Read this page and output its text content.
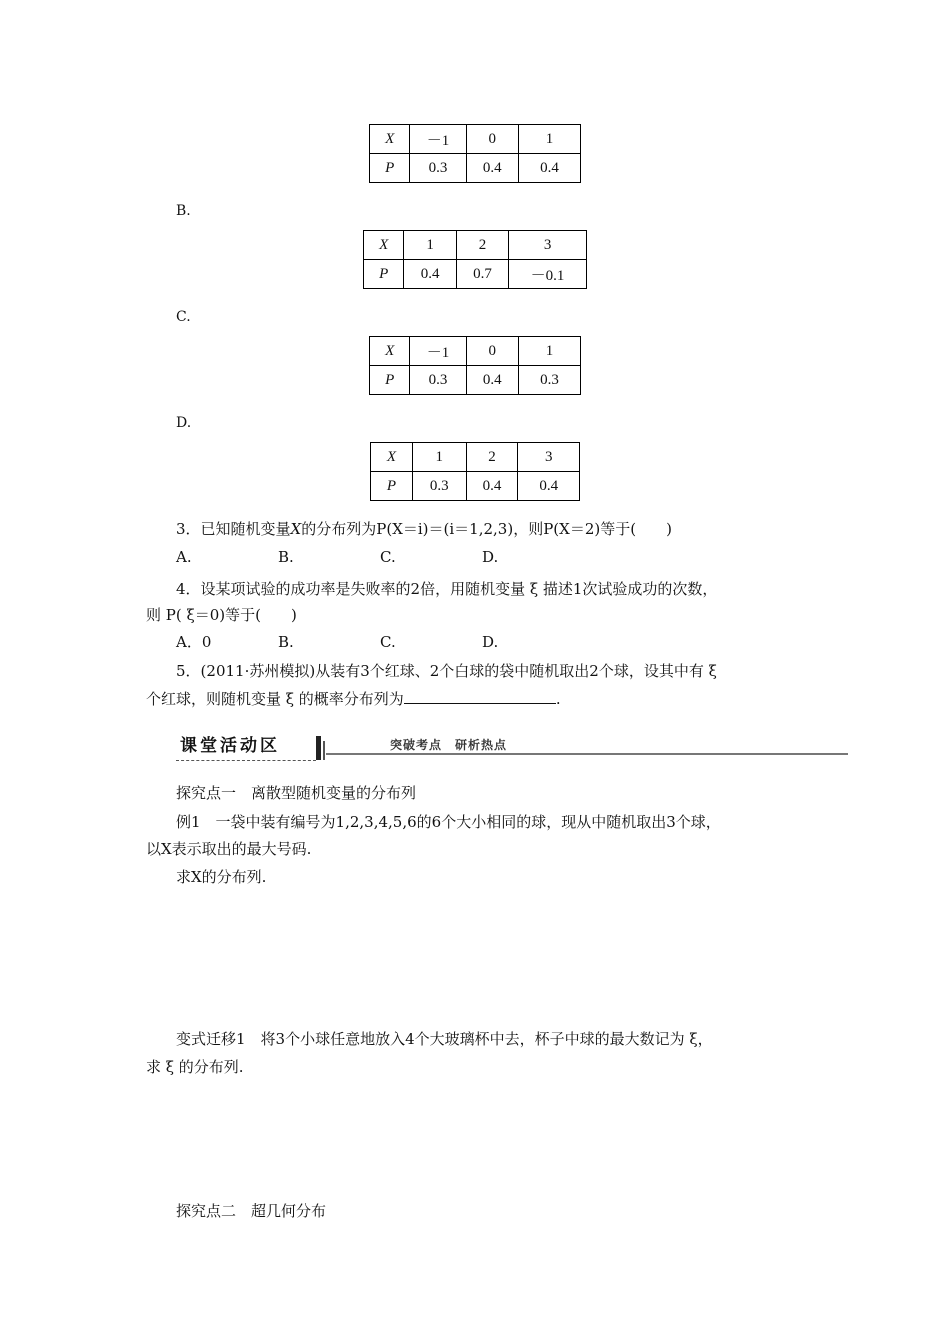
X	－1	0	1
P	0.3	0.4	0.4
B.
X	1	2	3
P	0.4	0.7	－0.1
C.
X	－1	0	1
P	0.3	0.4	0.3
D.
X	1	2	3
P	0.3	0.4	0.4
3．已知随机变量X的分布列为P(X＝i)＝(i＝1,2,3)，则P(X＝2)等于(　　)
A.	B.	C.	D.
4．设某项试验的成功率是失败率的2倍，用随机变量 ξ 描述1次试验成功的次数，
则 P( ξ＝0)等于(　　)
A．0	B.	C.	D.
5．(2011·苏州模拟)从装有3个红球、2个白球的袋中随机取出2个球，设其中有 ξ
个红球，则随机变量 ξ 的概率分布列为	.
课堂活动区	突破考点　研析热点
探究点一　离散型随机变量的分布列
例1　一袋中装有编号为1,2,3,4,5,6的6个大小相同的球，现从中随机取出3个球，
以X表示取出的最大号码.
求X的分布列.
变式迁移1　将3个小球任意地放入4个大玻璃杯中去，杯子中球的最大数记为 ξ，
求 ξ 的分布列.
探究点二　超几何分布
